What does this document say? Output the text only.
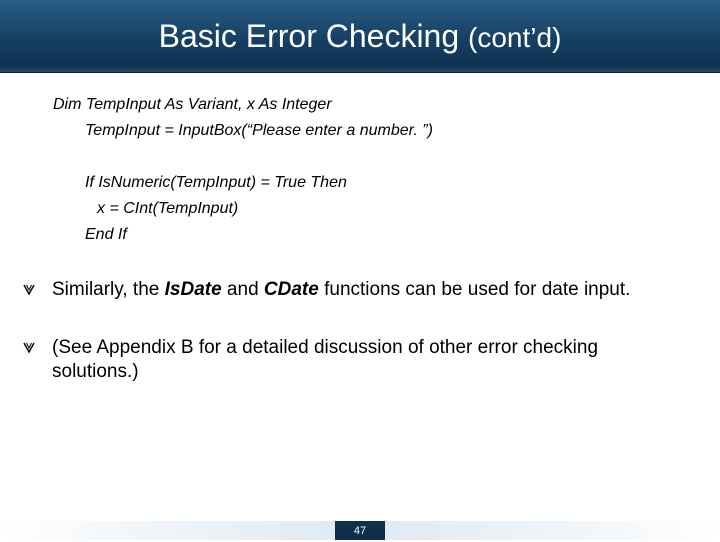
Basic Error Checking (cont’d)
Dim TempInput As Variant, x As Integer
TempInput = InputBox(“Please enter a number. ”)
If IsNumeric(TempInput) = True Then
x = CInt(TempInput)
End If
Similarly, the IsDate and CDate functions can be used for date input.
(See Appendix B for a detailed discussion of other error checking solutions.)
47
